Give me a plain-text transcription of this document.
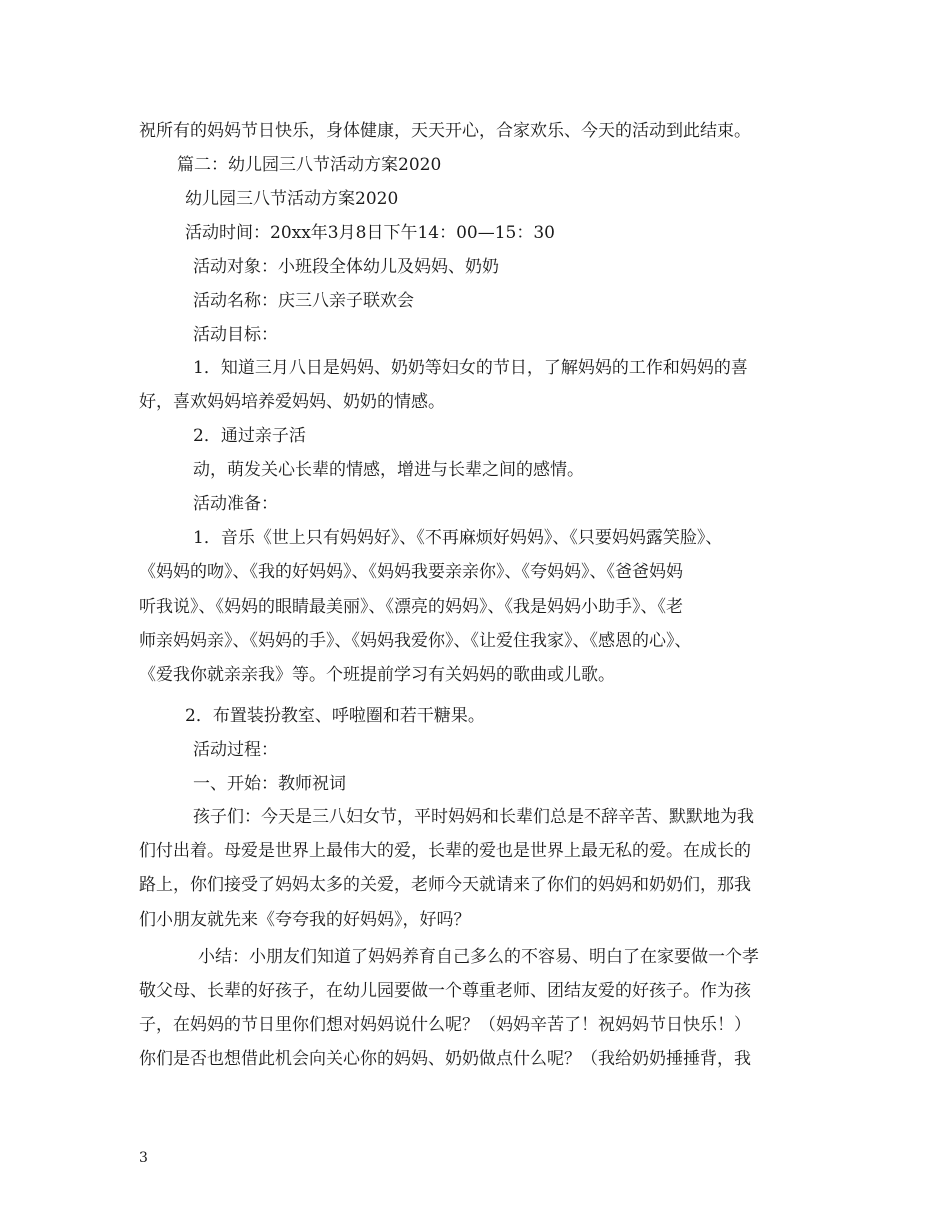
祝所有的妈妈节日快乐，身体健康，天天开心，合家欢乐、今天的活动到此结束。
篇二：幼儿园三八节活动方案2020
幼儿园三八节活动方案2020
活动时间：20xx年3月8日下午14：00—15：30
活动对象：小班段全体幼儿及妈妈、奶奶
活动名称：庆三八亲子联欢会
活动目标：
1．知道三月八日是妈妈、奶奶等妇女的节日，了解妈妈的工作和妈妈的喜
好，喜欢妈妈培养爱妈妈、奶奶的情感。
2．通过亲子活
动，萌发关心长辈的情感，增进与长辈之间的感情。
活动准备：
1．音乐《世上只有妈妈好》、《不再麻烦好妈妈》、《只要妈妈露笑脸》、
《妈妈的吻》、《我的好妈妈》、《妈妈我要亲亲你》、《夸妈妈》、《爸爸妈妈
听我说》、《妈妈的眼睛最美丽》、《漂亮的妈妈》、《我是妈妈小助手》、《老
师亲妈妈亲》、《妈妈的手》、《妈妈我爱你》、《让爱住我家》、《感恩的心》、
《爱我你就亲亲我》等。个班提前学习有关妈妈的歌曲或儿歌。
2．布置装扮教室、呼啦圈和若干糖果。
活动过程：
一、开始：教师祝词
孩子们：今天是三八妇女节，平时妈妈和长辈们总是不辞辛苦、默默地为我
们付出着。母爱是世界上最伟大的爱，长辈的爱也是世界上最无私的爱。在成长的
路上，你们接受了妈妈太多的关爱，老师今天就请来了你们的妈妈和奶奶们，那我
们小朋友就先来《夸夸我的好妈妈》，好吗？
小结：小朋友们知道了妈妈养育自己多么的不容易、明白了在家要做一个孝
敬父母、长辈的好孩子，在幼儿园要做一个尊重老师、团结友爱的好孩子。作为孩
子，在妈妈的节日里你们想对妈妈说什么呢？（妈妈辛苦了！祝妈妈节日快乐！）
你们是否也想借此机会向关心你的妈妈、奶奶做点什么呢？（我给奶奶捶捶背，我
3
